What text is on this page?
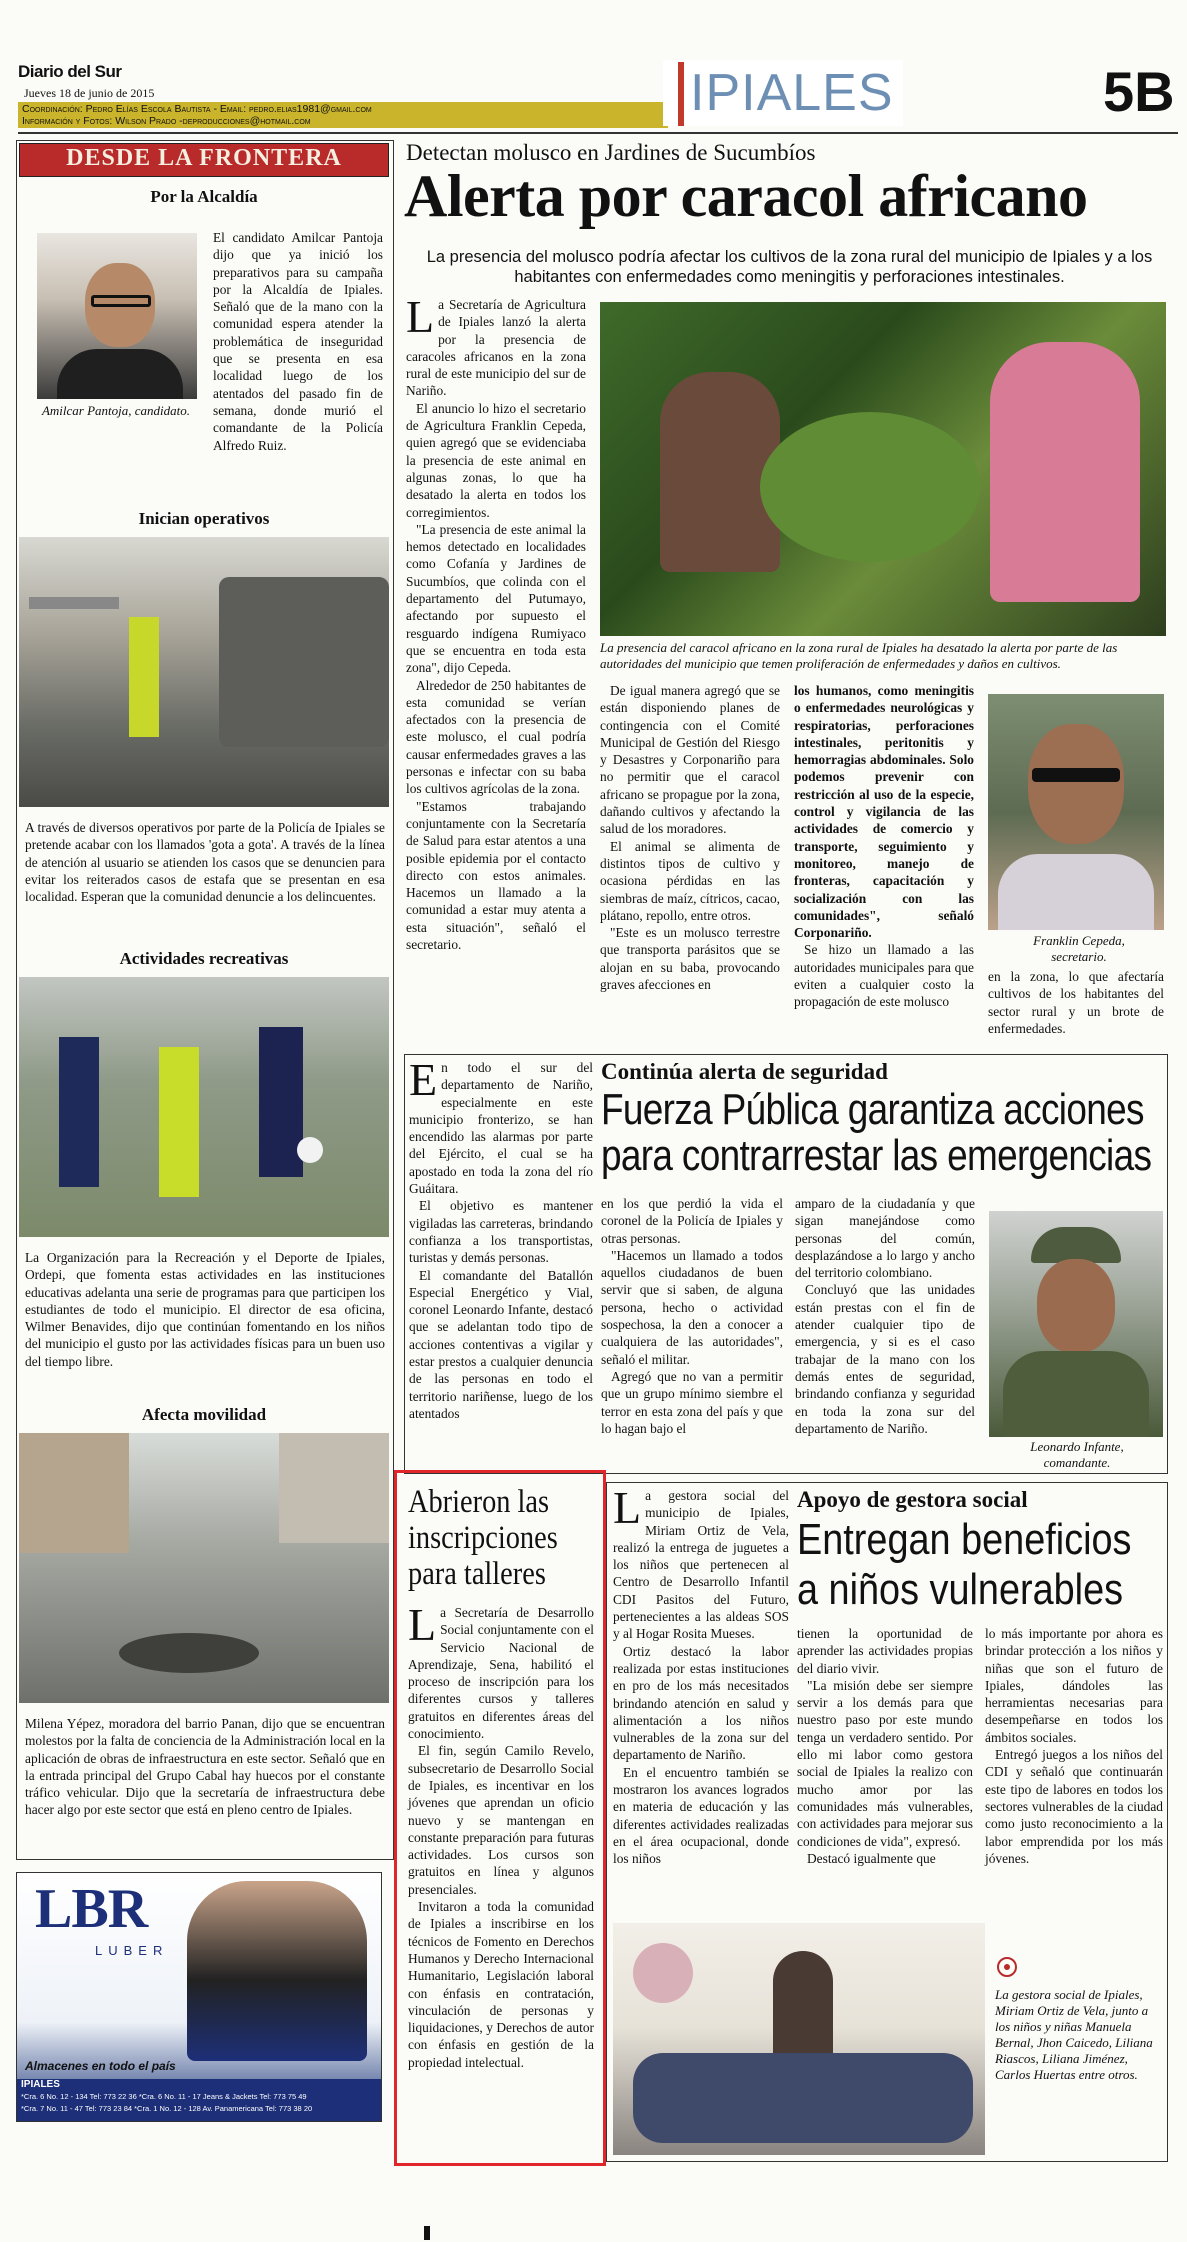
Diario del Sur
Jueves 18 de junio de 2015
Coordinación: Pedro Elías Escola Bautista - Email: pedro.elias1981@gmail.com
Información y Fotos: Wilson Prado -deproducciones@hotmail.com	IPIALES	5B
DESDE LA FRONTERA
Por la Alcaldía
Amilcar Pantoja, candidato.

El candidato Amilcar Pantoja dijo que ya inició los preparativos para su campaña por la Alcaldía de Ipiales. Señaló que de la mano con la comunidad espera atender la problemática de inseguridad que se presenta en esa localidad luego de los atentados del pasado fin de semana, donde murió el comandante de la Policía Alfredo Ruiz.

Inician operativos

A través de diversos operativos por parte de la Policía de Ipiales se pretende acabar con los llamados 'gota a gota'. A través de la línea de atención al usuario se atienden los casos que se denuncien para evitar los reiterados casos de estafa que se presentan en esa localidad. Esperan que la comunidad denuncie a los delincuentes.

Actividades recreativas

La Organización para la Recreación y el Deporte de Ipiales, Ordepi, que fomenta estas actividades en las instituciones educativas adelanta una serie de programas para que participen los estudiantes de todo el municipio. El director de esa oficina, Wilmer Benavides, dijo que continúan fomentando en los niños del municipio el gusto por las actividades físicas para un buen uso del tiempo libre.

Afecta movilidad

Milena Yépez, moradora del barrio Panan, dijo que se encuentran molestos por la falta de conciencia de la Administración local en la aplicación de obras de infraestructura en este sector. Señaló que en la entrada principal del Grupo Cabal hay huecos por el constante tráfico vehicular. Dijo que la secretaría de infraestructura debe hacer algo por este sector que está en pleno centro de Ipiales.

LBR
LUBER
Almacenes en todo el país
IPIALES
*Cra. 6 No. 12 - 134 Tel: 773 22 36 *Cra. 6 No. 11 - 17 Jeans & Jackets Tel: 773 75 49
*Cra. 7 No. 11 - 47 Tel: 773 23 84 *Cra. 1 No. 12 - 128 Av. Panamericana Tel: 773 38 20
Detectan molusco en Jardines de Sucumbíos
Alerta por caracol africano
La presencia del molusco podría afectar los cultivos de la zona rural del municipio de Ipiales y a los habitantes con enfermedades como meningitis y perforaciones intestinales.

La Secretaría de Agricultura de Ipiales lanzó la alerta por la presencia de caracoles africanos en la zona rural de este municipio del sur de Nariño.

El anuncio lo hizo el secretario de Agricultura Franklin Cepeda, quien agregó que se evidenciaba la presencia de este animal en algunas zonas, lo que ha desatado la alerta en todos los corregimientos.

"La presencia de este animal la hemos detectado en localidades como Cofanía y Jardines de Sucumbíos, que colinda con el departamento del Putumayo, afectando por supuesto el resguardo indígena Rumiyaco que se encuentra en toda esta zona", dijo Cepeda.

Alrededor de 250 habitantes de esta comunidad se verían afectados con la presencia de este molusco, el cual podría causar enfermedades graves a las personas e infectar con su baba los cultivos agrícolas de la zona.

"Estamos trabajando conjuntamente con la Secretaría de Salud para estar atentos a una posible epidemia por el contacto directo con estos animales. Hacemos un llamado a la comunidad a estar muy atenta a esta situación", señaló el secretario.

La presencia del caracol africano en la zona rural de Ipiales ha desatado la alerta por parte de las autoridades del municipio que temen proliferación de enfermedades y daños en cultivos.

De igual manera agregó que se están disponiendo planes de contingencia con el Comité Municipal de Gestión del Riesgo y Desastres y Corponariño para no permitir que el caracol africano se propague por la zona, dañando cultivos y afectando la salud de los moradores.

El animal se alimenta de distintos tipos de cultivo y ocasiona pérdidas en las siembras de maíz, cítricos, cacao, plátano, repollo, entre otros.

"Este es un molusco terrestre que transporta parásitos que se alojan en su baba, provocando graves afecciones en

los humanos, como meningitis o enfermedades neurológicas y respiratorias, perforaciones intestinales, peritonitis y hemorragias abdominales. Solo podemos prevenir con restricción al uso de la especie, control y vigilancia de las actividades de comercio y transporte, seguimiento y monitoreo, manejo de fronteras, capacitación y socialización con las comunidades", señaló Corponariño.

Se hizo un llamado a las autoridades municipales para que eviten a cualquier costo la propagación de este molusco

Franklin Cepeda, secretario.

en la zona, lo que afectaría cultivos de los habitantes del sector rural y un brote de enfermedades.

En todo el sur del departamento de Nariño, especialmente en este municipio fronterizo, se han encendido las alarmas por parte del Ejército, el cual se ha apostado en toda la zona del río Guáitara.

El objetivo es mantener vigiladas las carreteras, brindando confianza a los transportistas, turistas y demás personas.

El comandante del Batallón Especial Energético y Vial, coronel Leonardo Infante, destacó que se adelantan todo tipo de acciones contentivas a vigilar y estar prestos a cualquier denuncia de las personas en todo el territorio nariñense, luego de los atentados

Continúa alerta de seguridad
Fuerza Pública garantiza acciones para contrarrestar las emergencias

en los que perdió la vida el coronel de la Policía de Ipiales y otras personas.

"Hacemos un llamado a todos aquellos ciudadanos de buen servir que si saben, de alguna persona, hecho o actividad sospechosa, la den a conocer a cualquiera de las autoridades", señaló el militar.

Agregó que no van a permitir que un grupo mínimo siembre el terror en esta zona del país y que lo hagan bajo el

amparo de la ciudadanía y que sigan manejándose como personas del común, desplazándose a lo largo y ancho del territorio colombiano.

Concluyó que las unidades están prestas con el fin de atender cualquier tipo de emergencia, y si es el caso trabajar de la mano con los demás entes de seguridad, brindando confianza y seguridad en toda la zona sur del departamento de Nariño.

Leonardo Infante, comandante.
Abrieron las inscripciones para talleres

La Secretaría de Desarrollo Social conjuntamente con el Servicio Nacional de Aprendizaje, Sena, habilitó el proceso de inscripción para los diferentes cursos y talleres gratuitos en diferentes áreas del conocimiento.

El fin, según Camilo Revelo, subsecretario de Desarrollo Social de Ipiales, es incentivar en los jóvenes que aprendan un oficio nuevo y se mantengan en constante preparación para futuras actividades. Los cursos son gratuitos en línea y algunos presenciales.

Invitaron a toda la comunidad de Ipiales a inscribirse en los técnicos de Fomento en Derechos Humanos y Derecho Internacional Humanitario, Legislación laboral con énfasis en contratación, vinculación de personas y liquidaciones, y Derechos de autor con énfasis en gestión de la propiedad intelectual.

La gestora social del municipio de Ipiales, Miriam Ortiz de Vela, realizó la entrega de juguetes a los niños que pertenecen al Centro de Desarrollo Infantil CDI Pasitos del Futuro, pertenecientes a las aldeas SOS y al Hogar Rosita Mueses.

Ortiz destacó la labor realizada por estas instituciones en pro de los más necesitados brindando atención en salud y alimentación a los niños vulnerables de la zona sur del departamento de Nariño.

En el encuentro también se mostraron los avances logrados en materia de educación y las diferentes actividades realizadas en el área ocupacional, donde los niños

Apoyo de gestora social
Entregan beneficios a niños vulnerables

tienen la oportunidad de aprender las actividades propias del diario vivir.

"La misión debe ser siempre servir a los demás para que nuestro paso por este mundo tenga un verdadero sentido. Por ello mi labor como gestora social de Ipiales la realizo con mucho amor por las comunidades más vulnerables, con actividades para mejorar sus condiciones de vida", expresó.

Destacó igualmente que

lo más importante por ahora es brindar protección a los niños y niñas que son el futuro de Ipiales, dándoles las herramientas necesarias para desempeñarse en todos los ámbitos sociales.

Entregó juegos a los niños del CDI y señaló que continuarán este tipo de labores en todos los sectores vulnerables de la ciudad como justo reconocimiento a la labor emprendida por los más jóvenes.

La gestora social de Ipiales, Miriam Ortiz de Vela, junto a los niños y niñas Manuela Bernal, Jhon Caicedo, Liliana Riascos, Liliana Jiménez, Carlos Huertas entre otros.
